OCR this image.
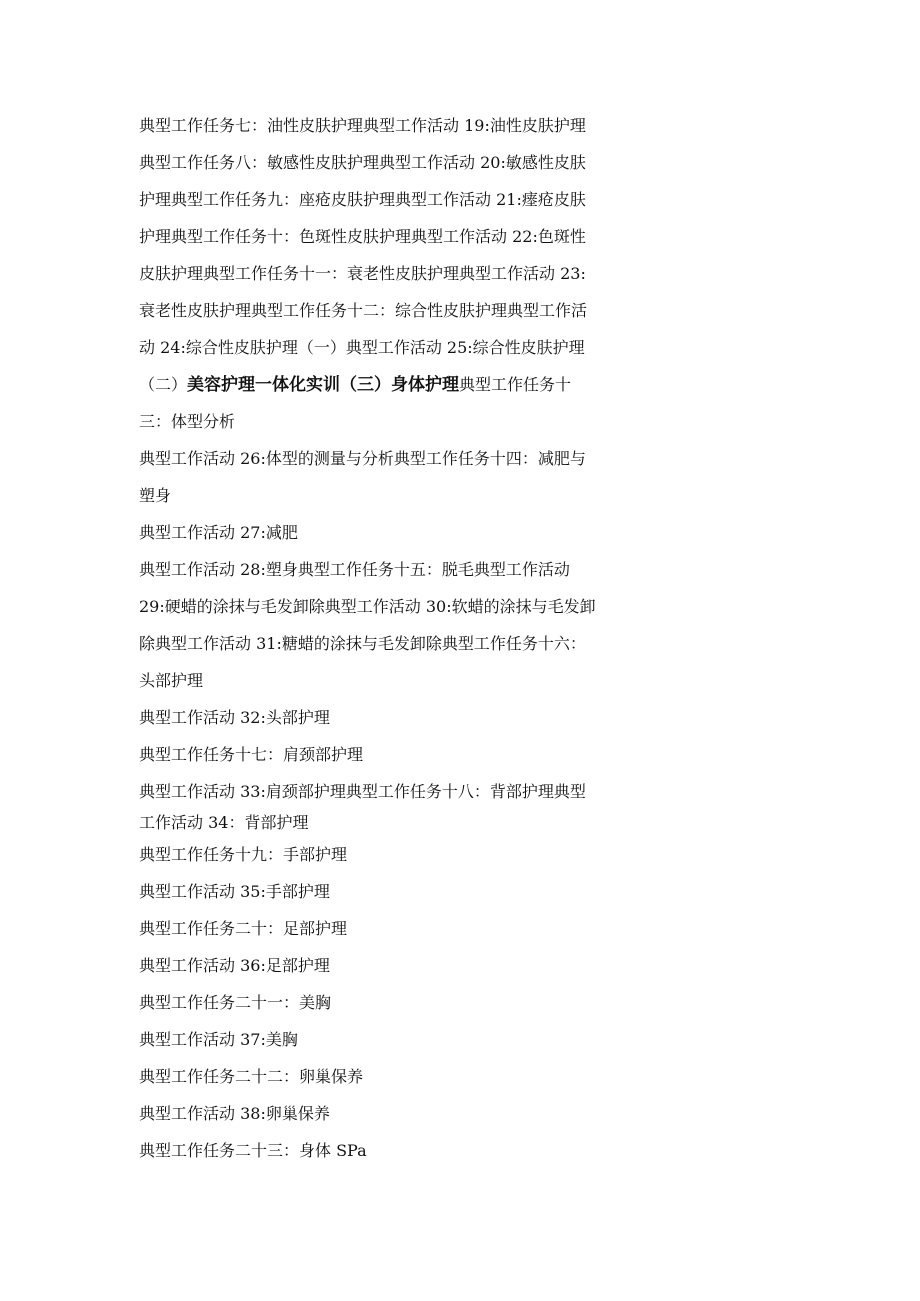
典型工作任务七：油性皮肤护理典型工作活动 19:油性皮肤护理
典型工作任务八：敏感性皮肤护理典型工作活动 20:敏感性皮肤
护理典型工作任务九：座疮皮肤护理典型工作活动 21:瘗疮皮肤
护理典型工作任务十：色斑性皮肤护理典型工作活动 22:色斑性
皮肤护理典型工作任务十一：衰老性皮肤护理典型工作活动 23:
衰老性皮肤护理典型工作任务十二：综合性皮肤护理典型工作活
动 24:综合性皮肤护理（一）典型工作活动 25:综合性皮肤护理
（二）美容护理一体化实训（三）身体护理典型工作任务十
三：体型分析
典型工作活动 26:体型的测量与分析典型工作任务十四：减肥与
塑身
典型工作活动 27:减肥
典型工作活动 28:塑身典型工作任务十五：脱毛典型工作活动
29:硬蜡的涂抹与毛发卸除典型工作活动 30:软蜡的涂抹与毛发卸
除典型工作活动 31:糖蜡的涂抹与毛发卸除典型工作任务十六：
头部护理
典型工作活动 32:头部护理
典型工作任务十七：肩颈部护理
典型工作活动 33:肩颈部护理典型工作任务十八：背部护理典型
工作活动 34：背部护理
典型工作任务十九：手部护理
典型工作活动 35:手部护理
典型工作任务二十：足部护理
典型工作活动 36:足部护理
典型工作任务二十一：美胸
典型工作活动 37:美胸
典型工作任务二十二：卵巢保养
典型工作活动 38:卵巢保养
典型工作任务二十三：身体 SPa
